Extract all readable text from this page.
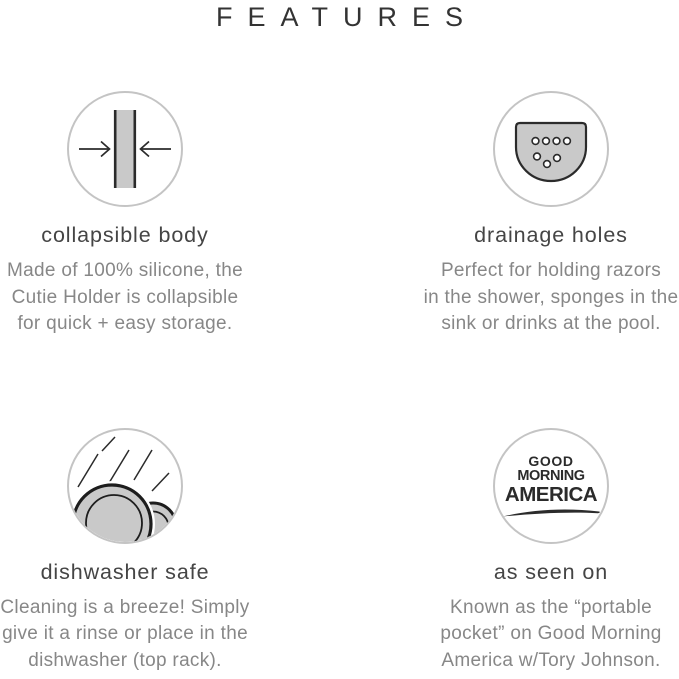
FEATURES
collapsible body

Made of 100% silicone, the
Cutie Holder is collapsible
for quick + easy storage.

drainage holes

Perfect for holding razors
in the shower, sponges in the
sink or drinks at the pool.

dishwasher safe

Cleaning is a breeze! Simply
give it a rinse or place in the
dishwasher (top rack).

GOOD
MORNING
AMERICA
as seen on

Known as the “portable
pocket” on Good Morning
America w/Tory Johnson.
